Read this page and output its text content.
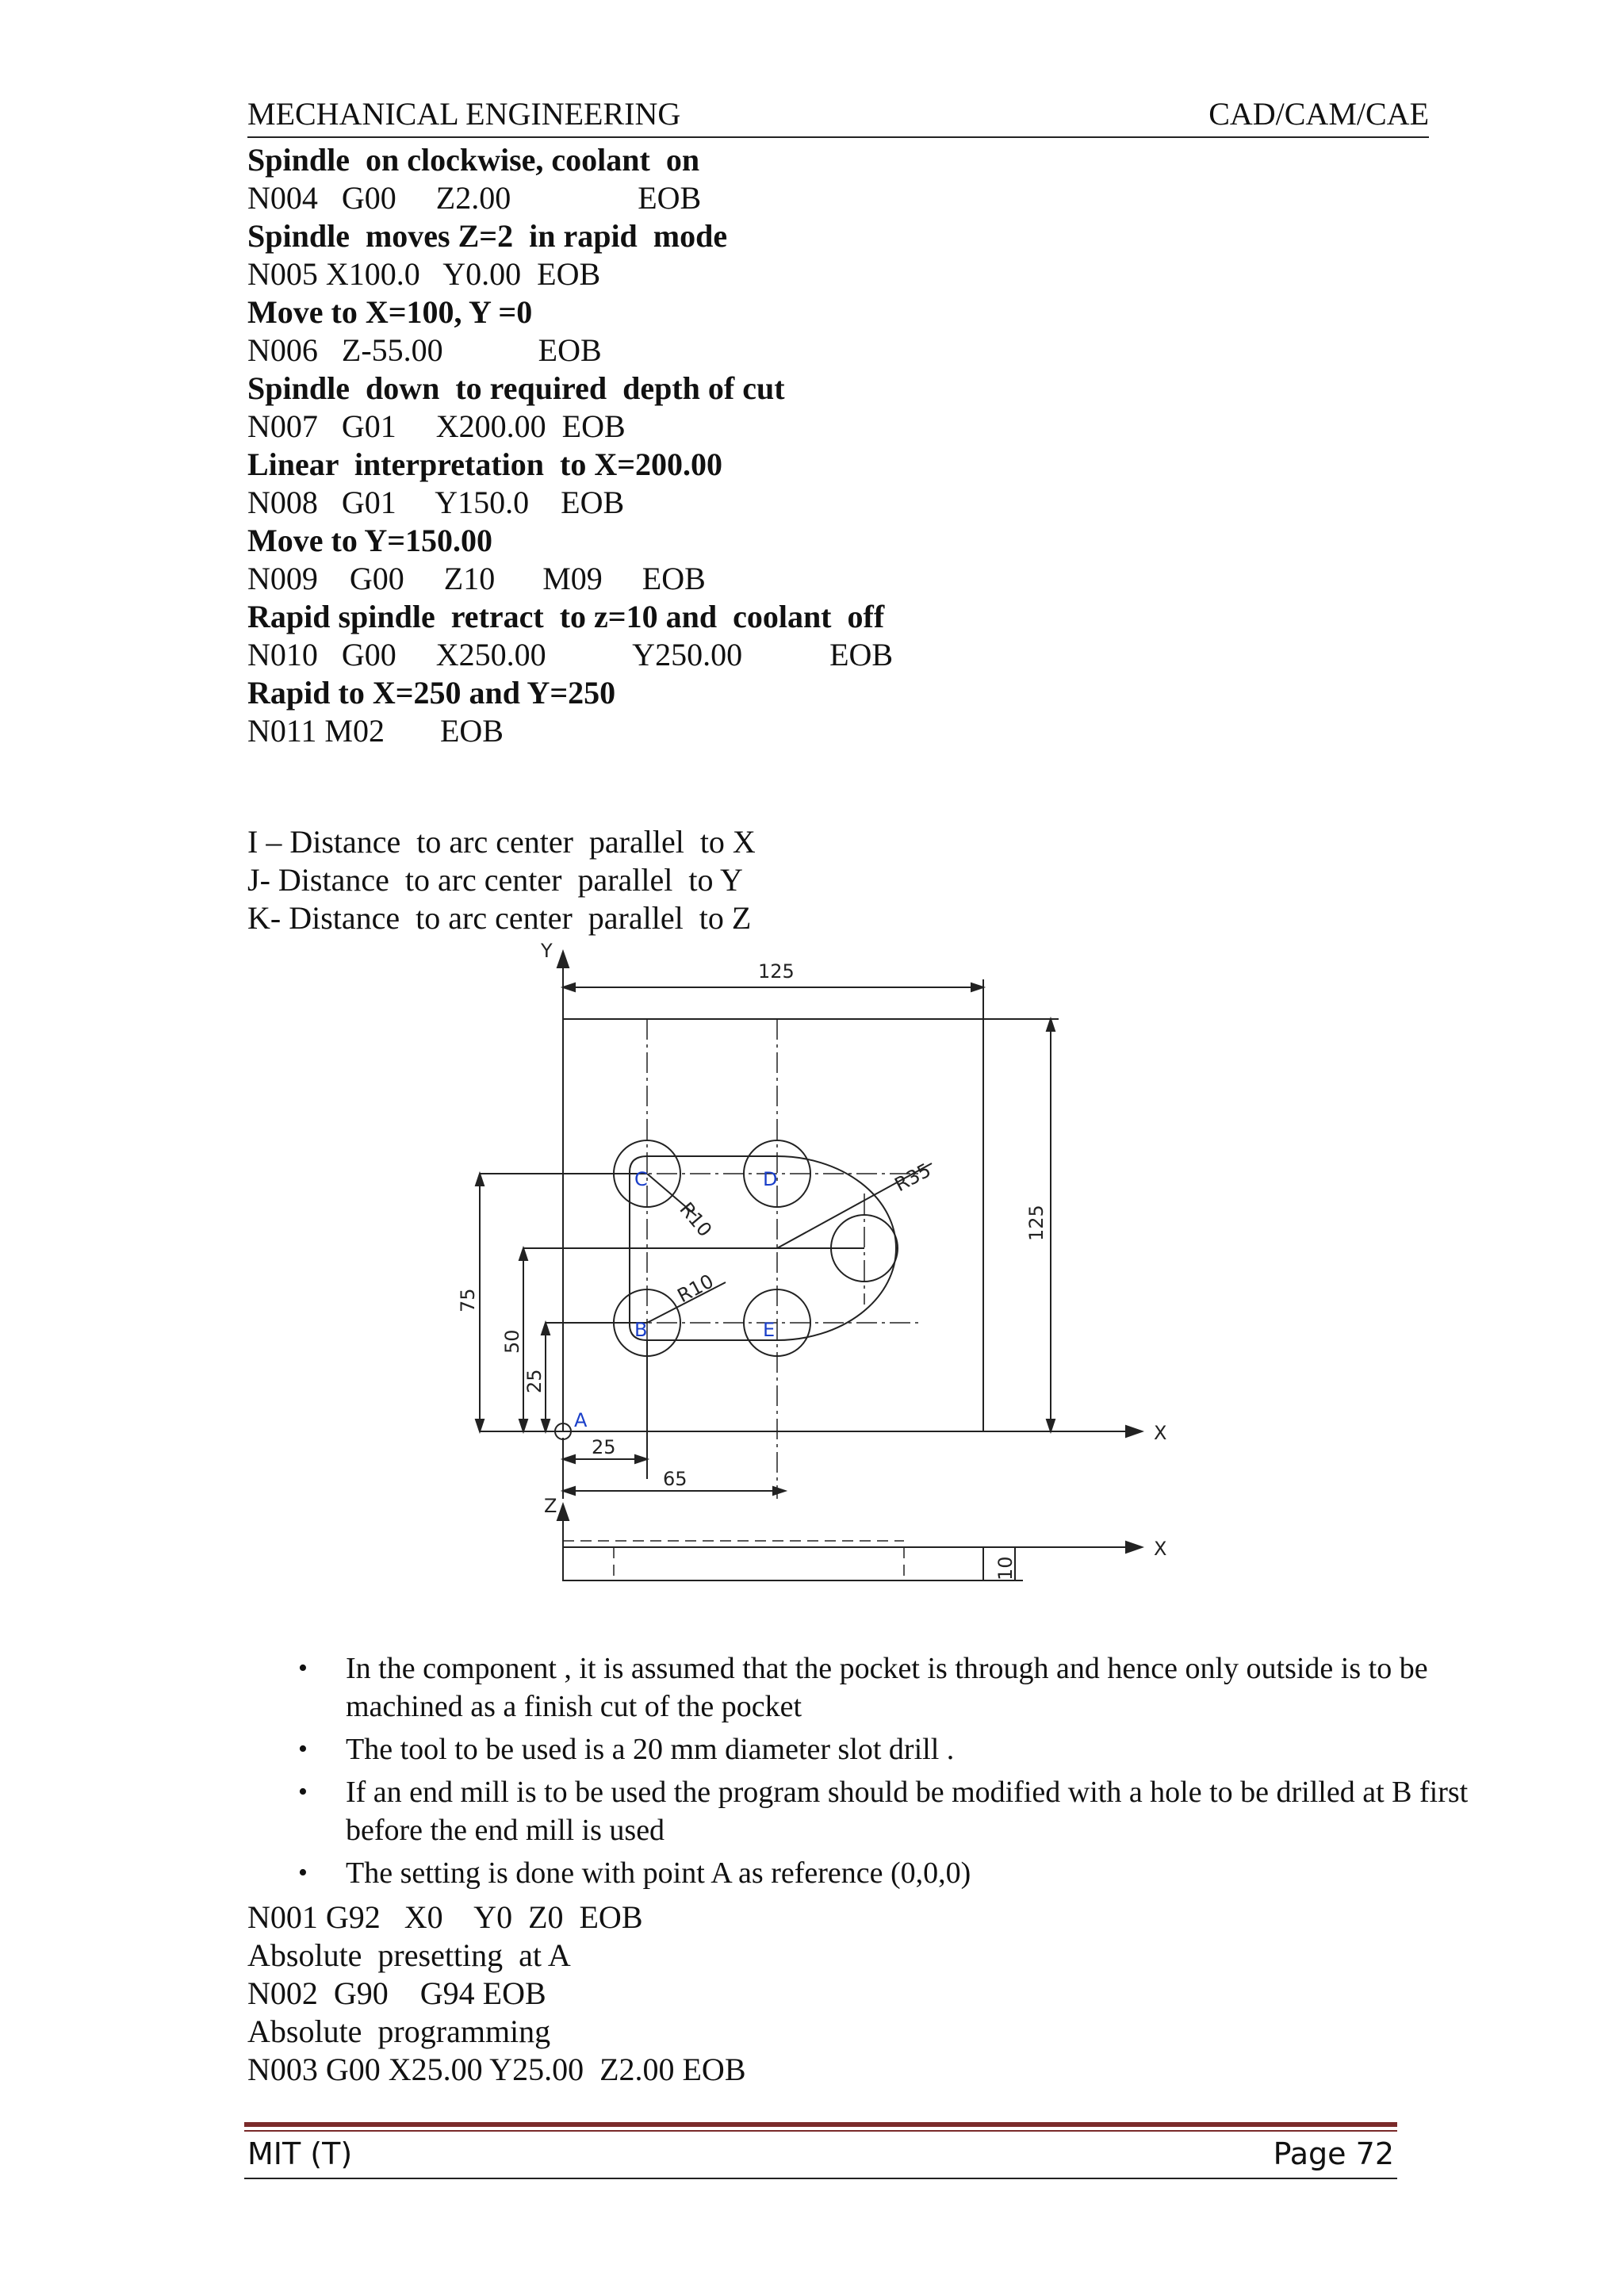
MECHANICAL ENGINEERING	CAD/CAM/CAE
Spindle  on clockwise, coolant  on
N004   G00     Z2.00                EOB
Spindle  moves Z=2  in rapid  mode
N005 X100.0   Y0.00  EOB
Move to X=100, Y =0
N006   Z-55.00            EOB
Spindle  down  to required  depth of cut
N007   G01     X200.00  EOB
Linear  interpretation  to X=200.00
N008   G01     Y150.0    EOB
Move to Y=150.00
N009    G00     Z10      M09     EOB
Rapid spindle  retract  to z=10 and  coolant  off
N010   G00     X250.00           Y250.00           EOB
Rapid to X=250 and Y=250
N011 M02       EOB
I – Distance  to arc center  parallel  to X
J- Distance  to arc center  parallel  to Y
K- Distance  to arc center  parallel  to Z
Y
X
Z
X
125
125
75
50
25
25
65
10
R10
R10
R35
A
B
C	D
E
• In the component , it is assumed that the pocket is through and hence only outside is to be machined as a finish cut of the pocket
• The tool to be used is a 20 mm diameter slot drill .
• If an end mill is to be used the program should be modified with a hole to be drilled at B first before the end mill is used
• The setting is done with point A as reference (0,0,0)
N001 G92   X0    Y0  Z0  EOB
Absolute  presetting  at A
N002  G90    G94 EOB
Absolute  programming
N003 G00 X25.00 Y25.00  Z2.00 EOB
MIT (T)	Page 72
